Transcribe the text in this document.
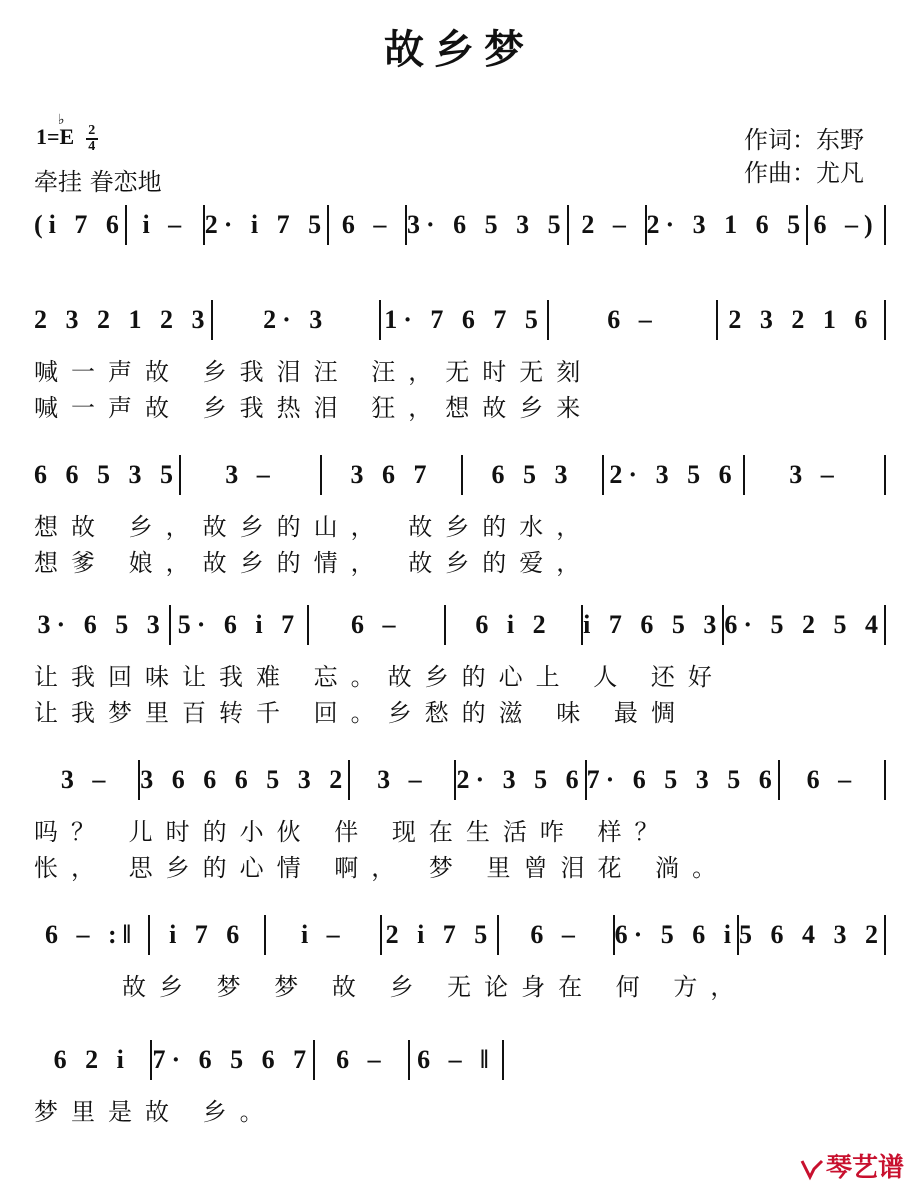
故乡梦
1=
♭
E $\frac{2}{4}$
牵挂 眷恋地
作词：东野
作曲：尤凡
(i 7 6 i – 2· i 7 5 6 – 3· 6 5 3 5 2 – 2· 3 1 6 5 6 –)
2 3 2 1 2 3	2· 3	1· 7 6 7 5	6 –	2 3 2 1 6
喊一声故 乡我泪汪 汪，无时无刻
喊一声故 乡我热泪 狂，想故乡来
6 6 5 3 5	3 –	3 6 7	6 5 3	2· 3 5 6	3 –
想故 乡，故乡的山， 故乡的水，
想爹 娘，故乡的情， 故乡的爱，
3· 6 5 3 5· 6 i 7	6 –	6 i 2	i 7 6 5 3 6· 5 2 5 4
让我回味让我难 忘。故乡的心上 人 还好
让我梦里百转千 回。乡愁的滋 味 最惆
3 –	3 6 6 6 5 3 2	3 –	2· 3 5 6 7· 6 5 3 5 6	6 –
吗？ 儿时的小伙 伴 现在生活咋 样？
怅， 思乡的心情 啊， 梦 里曾泪花 淌。
6 – :‖	i 7 6	i –	2 i 7 5	6 –	6· 5 6 i 5 6 4 3 2
故乡 梦 梦 故 乡 无论身在 何 方，
6 2 i 7· 6 5 6 7 6 –	6 – ‖
梦里是故 乡。
琴艺谱
